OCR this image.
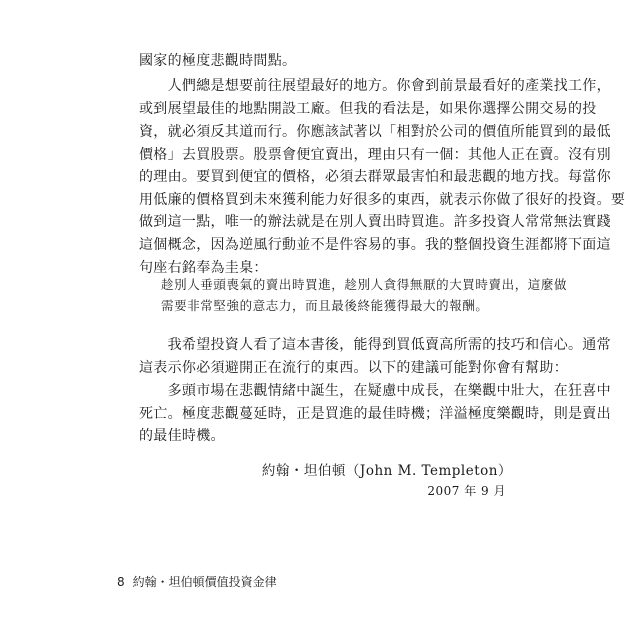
國家的極度悲觀時間點。
　　人們總是想要前往展望最好的地方。你會到前景最看好的產業找工作，
或到展望最佳的地點開設工廠。但我的看法是，如果你選擇公開交易的投
資，就必須反其道而行。你應該試著以「相對於公司的價值所能買到的最低
價格」去買股票。股票會便宜賣出，理由只有一個：其他人正在賣。沒有別
的理由。要買到便宜的價格，必須去群眾最害怕和最悲觀的地方找。每當你
用低廉的價格買到未來獲利能力好很多的東西，就表示你做了很好的投資。要
做到這一點，唯一的辦法就是在別人賣出時買進。許多投資人常常無法實踐
這個概念，因為逆風行動並不是件容易的事。我的整個投資生涯都將下面這
句座右銘奉為圭臬：
趁別人垂頭喪氣的賣出時買進，趁別人貪得無厭的大買時賣出，這麼做
需要非常堅強的意志力，而且最後終能獲得最大的報酬。
　　我希望投資人看了這本書後，能得到買低賣高所需的技巧和信心。通常
這表示你必須避開正在流行的東西。以下的建議可能對你會有幫助：
　　多頭市場在悲觀情緒中誕生，在疑慮中成長，在樂觀中壯大，在狂喜中
死亡。極度悲觀蔓延時，正是買進的最佳時機；洋溢極度樂觀時，則是賣出
的最佳時機。
約翰・坦伯頓（John M. Templeton）
2007 年 9 月
8 約翰・坦伯頓價值投資金律
